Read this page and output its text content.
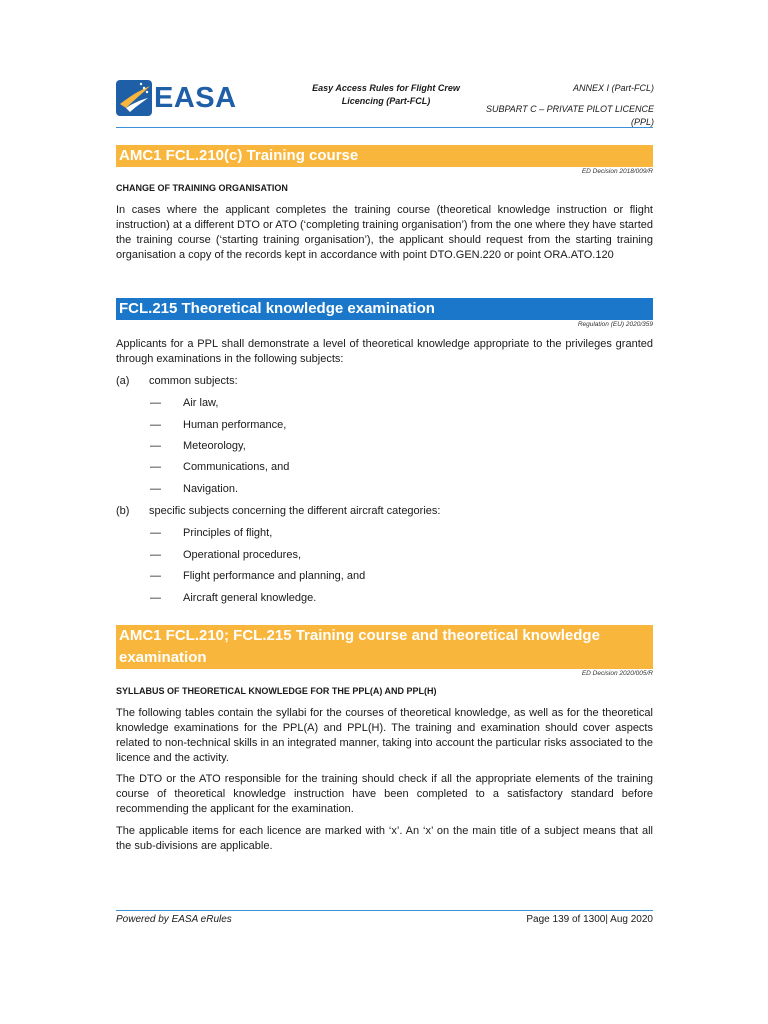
EASA	Easy Access Rules for Flight Crew
Licencing (Part-FCL)
ANNEX I (Part-FCL)
SUBPART C – PRIVATE PILOT LICENCE
(PPL)
AMC1 FCL.210(c) Training course
ED Decision 2018/009/R
CHANGE OF TRAINING ORGANISATION

In cases where the applicant completes the training course (theoretical knowledge instruction or flight instruction) at a different DTO or ATO (‘completing training organisation’) from the one where they have started the training course (‘starting training organisation’), the applicant should request from the starting training organisation a copy of the records kept in accordance with point DTO.GEN.220 or point ORA.ATO.120

FCL.215 Theoretical knowledge examination
Regulation (EU) 2020/359

Applicants for a PPL shall demonstrate a level of theoretical knowledge appropriate to the privileges granted through examinations in the following subjects:

(a) common subjects:
— Air law,
— Human performance,
— Meteorology,
— Communications, and
— Navigation.
(b) specific subjects concerning the different aircraft categories:
— Principles of flight,
— Operational procedures,
— Flight performance and planning, and
— Aircraft general knowledge.
AMC1 FCL.210; FCL.215 Training course and theoretical knowledge
examination
ED Decision 2020/005/R
SYLLABUS OF THEORETICAL KNOWLEDGE FOR THE PPL(A) AND PPL(H)

The following tables contain the syllabi for the courses of theoretical knowledge, as well as for the theoretical knowledge examinations for the PPL(A) and PPL(H). The training and examination should cover aspects related to non-technical skills in an integrated manner, taking into account the particular risks associated to the licence and the activity.

The DTO or the ATO responsible for the training should check if all the appropriate elements of the training course of theoretical knowledge instruction have been completed to a satisfactory standard before recommending the applicant for the examination.

The applicable items for each licence are marked with ‘x’. An ‘x’ on the main title of a subject means that all the sub-divisions are applicable.

Powered by EASA eRules	Page 139 of 1300| Aug 2020
